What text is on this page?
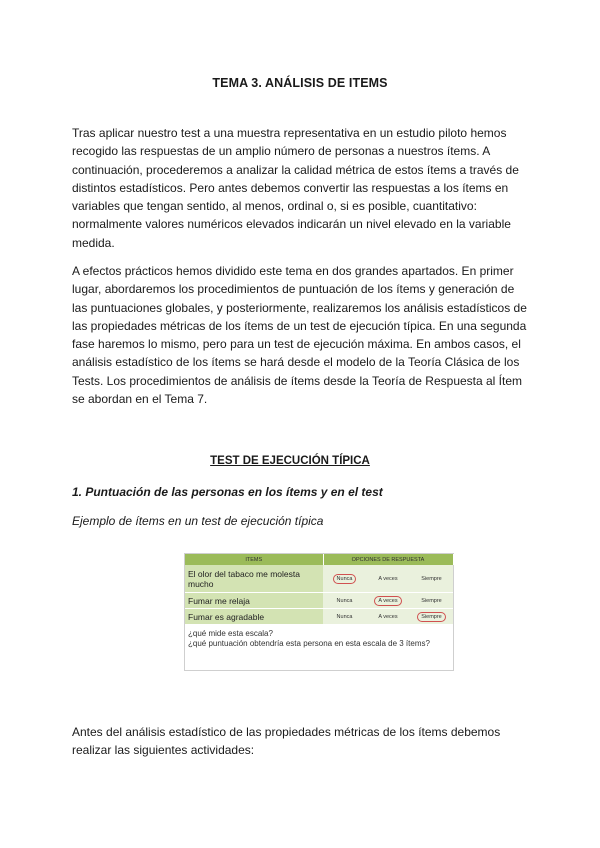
TEMA 3. ANÁLISIS DE ITEMS

Tras aplicar nuestro test a una muestra representativa en un estudio piloto hemos recogido las respuestas de un amplio número de personas a nuestros ítems. A continuación, procederemos a analizar la calidad métrica de estos ítems a través de distintos estadísticos. Pero antes debemos convertir las respuestas a los ítems en variables que tengan sentido, al menos, ordinal o, si es posible, cuantitativo: normalmente valores numéricos elevados indicarán un nivel elevado en la variable medida.

A efectos prácticos hemos dividido este tema en dos grandes apartados. En primer lugar, abordaremos los procedimientos de puntuación de los ítems y generación de las puntuaciones globales, y posteriormente, realizaremos los análisis estadísticos de las propiedades métricas de los ítems de un test de ejecución típica. En una segunda fase haremos lo mismo, pero para un test de ejecución máxima. En ambos casos, el análisis estadístico de los ítems se hará desde el modelo de la Teoría Clásica de los Tests. Los procedimientos de análisis de ítems desde la Teoría de Respuesta al Ítem se abordan en el Tema 7.

TEST DE EJECUCIÓN TÍPICA
1. Puntuación de las personas en los ítems y en el test
Ejemplo de ítems en un test de ejecución típica
ITEMS	OPCIONES DE RESPUESTA		
El olor del tabaco me molesta mucho	Nunca	A veces	Siempre
Fumar me relaja	Nunca	A veces	Siempre
Fumar es agradable	Nunca	A veces	Siempre
¿qué mide esta escala?
¿qué puntuación obtendría esta persona en esta escala de 3 ítems?

Antes del análisis estadístico de las propiedades métricas de los ítems debemos realizar las siguientes actividades:
